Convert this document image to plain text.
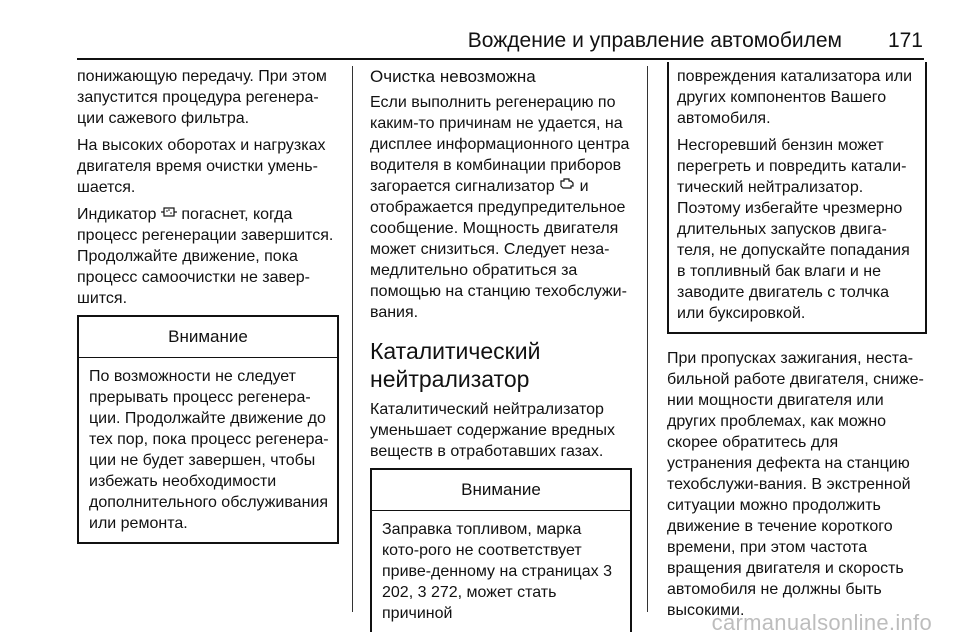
Вождение и управление автомобилем 171

понижающую передачу. При этом запустится процедура регенера-ции сажевого фильтра.

На высоких оборотах и нагрузках двигателя время очистки умень-шается.

Индикатор погаснет, когда процесс регенерации завершится. Продолжайте движение, пока процесс самоочистки не завер-шится.

Внимание
По возможности не следует прерывать процесс регенера-ции. Продолжайте движение до тех пор, пока процесс регенера-ции не будет завершен, чтобы избежать необходимости дополнительного обслуживания или ремонта.
Очистка невозможна

Если выполнить регенерацию по каким-то причинам не удается, на дисплее информационного центра водителя в комбинации приборов загорается сигнализатор и отображается предупредительное сообщение. Мощность двигателя может снизиться. Следует неза-медлительно обратиться за помощью на станцию техобслужи-вания.

Каталитический нейтрализатор

Каталитический нейтрализатор уменьшает содержание вредных веществ в отработавших газах.

Внимание
Заправка топливом, марка кото-рого не соответствует приве-денному на страницах 3 202, 3 272, может стать причиной

повреждения катализатора или других компонентов Вашего автомобиля.

Несгоревший бензин может перегреть и повредить катали-тический нейтрализатор. Поэтому избегайте чрезмерно длительных запусков двига-теля, не допускайте попадания в топливный бак влаги и не заводите двигатель с толчка или буксировкой.

При пропусках зажигания, неста-бильной работе двигателя, сниже-нии мощности двигателя или других проблемах, как можно скорее обратитесь для устранения дефекта на станцию техобслужи-вания. В экстренной ситуации можно продолжить движение в течение короткого времени, при этом частота вращения двигателя и скорость автомобиля не должны быть высокими.

carmanualsonline.info
